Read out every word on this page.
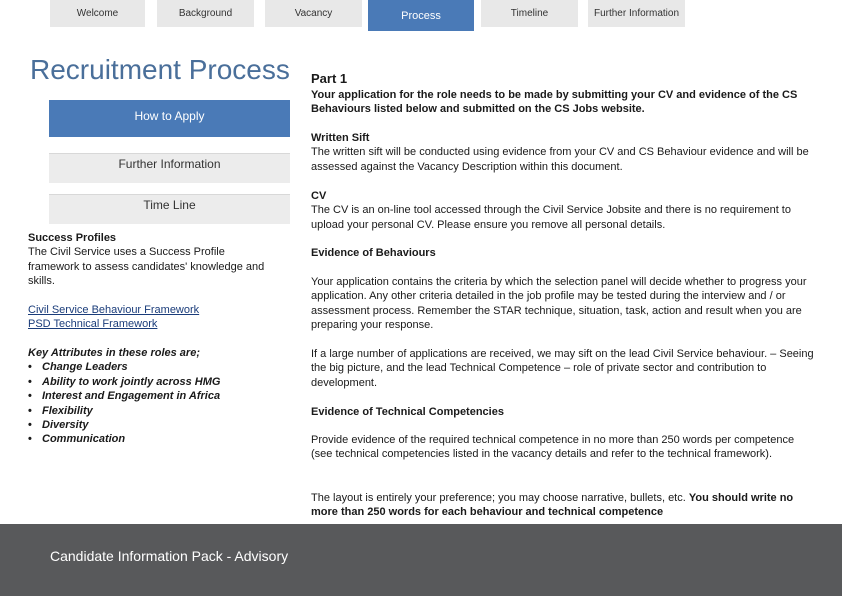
Welcome	Background	Vacancy	Process	Timeline	Further Information
Recruitment Process
How to Apply
Further Information
Time Line
Success Profiles
The Civil Service uses a Success Profile framework to assess candidates' knowledge and skills.
Civil Service Behaviour Framework
PSD Technical Framework
Key Attributes in these roles are;
• Change Leaders
• Ability to work jointly across HMG
• Interest and Engagement in Africa
• Flexibility
• Diversity
• Communication
Part 1
Your application for the role needs to be made by submitting your CV and evidence of the CS Behaviours listed below and submitted on the CS Jobs website.
Written Sift
The written sift will be conducted using evidence from your CV and CS Behaviour evidence and will be assessed against the Vacancy Description within this document.
CV
The CV is an on-line tool accessed through the Civil Service Jobsite and there is no requirement to upload your personal CV. Please ensure you remove all personal details.
Evidence of Behaviours
Your application contains the criteria by which the selection panel will decide whether to progress your application. Any other criteria detailed in the job profile may be tested during the interview and / or assessment process. Remember the STAR technique, situation, task, action and result when you are preparing your response.
If a large number of applications are received, we may sift on the lead Civil Service behaviour. – Seeing the big picture, and the lead Technical Competence – role of private sector and contribution to development.
Evidence of Technical Competencies
Provide evidence of the required technical competence in no more than 250 words per competence (see technical competencies listed in the vacancy details and refer to the technical framework).
The layout is entirely your preference; you may choose narrative, bullets, etc. You should write no more than 250 words for each behaviour and technical competence
Candidate Information Pack - Advisory
